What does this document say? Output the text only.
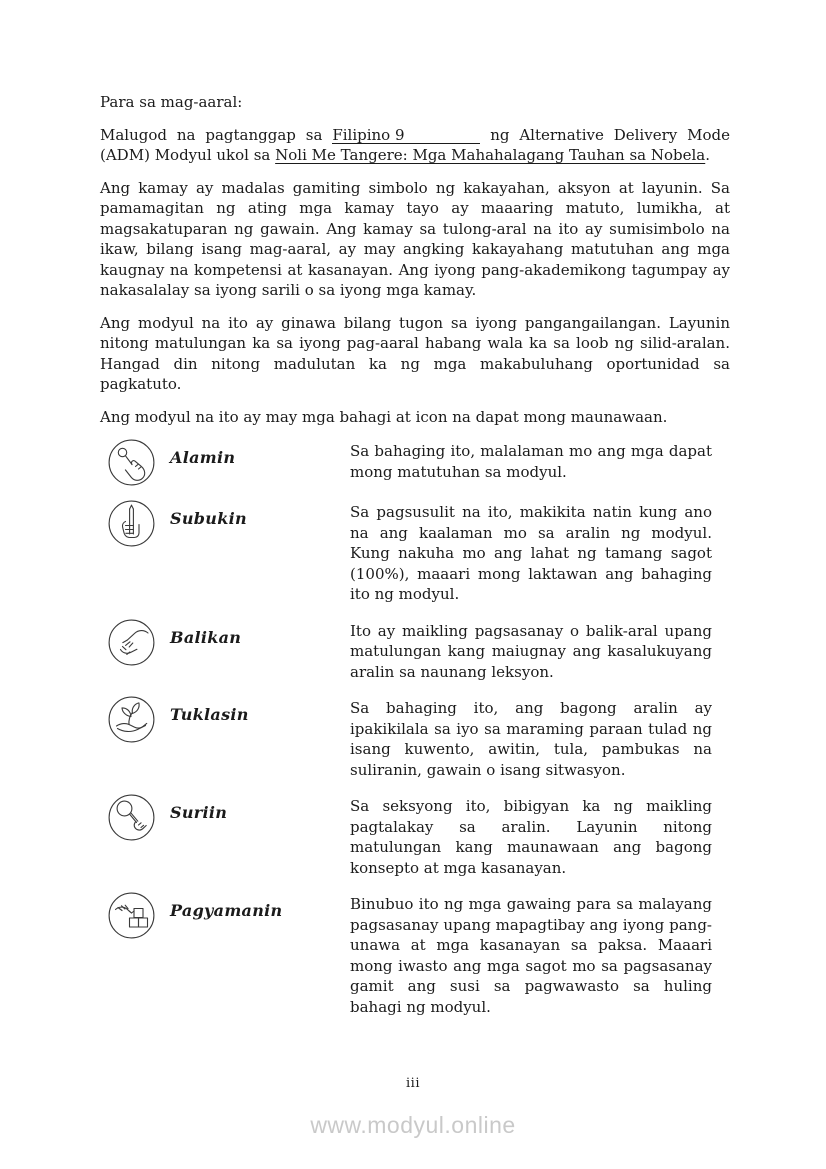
Para sa mag-aaral:

Malugod na pagtanggap sa Filipino 9	ng Alternative Delivery Mode (ADM) Modyul ukol sa Noli Me Tangere: Mga Mahahalagang Tauhan sa Nobela.

Ang kamay ay madalas gamiting simbolo ng kakayahan, aksyon at layunin. Sa pamamagitan ng ating mga kamay tayo ay maaaring matuto, lumikha, at magsakatuparan ng gawain. Ang kamay sa tulong-aral na ito ay sumisimbolo na ikaw, bilang isang mag-aaral, ay may angking kakayahang matutuhan ang mga kaugnay na kompetensi at kasanayan. Ang iyong pang-akademikong tagumpay ay nakasalalay sa iyong sarili o sa iyong mga kamay.

Ang modyul na ito ay ginawa bilang tugon sa iyong pangangailangan. Layunin nitong matulungan ka sa iyong pag-aaral habang wala ka sa loob ng silid-aralan. Hangad din nitong madulutan ka ng mga makabuluhang oportunidad sa pagkatuto.

Ang modyul na ito ay may mga bahagi at icon na dapat mong maunawaan.

Alamin	Sa bahaging ito, malalaman mo ang mga dapat mong matutuhan sa modyul.
Subukin	Sa pagsusulit na ito, makikita natin kung ano na ang kaalaman mo sa aralin ng modyul. Kung nakuha mo ang lahat ng tamang sagot (100%), maaari mong laktawan ang bahaging ito ng modyul.
Balikan	Ito ay maikling pagsasanay o balik-aral upang matulungan kang maiugnay ang kasalukuyang aralin sa naunang leksyon.
Tuklasin	Sa bahaging ito, ang bagong aralin ay ipakikilala sa iyo sa maraming paraan tulad ng isang kuwento, awitin, tula, pambukas na suliranin, gawain o isang sitwasyon.
Suriin	Sa seksyong ito, bibigyan ka ng maikling pagtalakay sa aralin. Layunin nitong matulungan kang maunawaan ang bagong konsepto at mga kasanayan.
Pagyamanin	Binubuo ito ng mga gawaing para sa malayang pagsasanay upang mapagtibay ang iyong pang-unawa at mga kasanayan sa paksa. Maaari mong iwasto ang mga sagot mo sa pagsasanay gamit ang susi sa pagwawasto sa huling bahagi ng modyul.
iii
www.modyul.online
